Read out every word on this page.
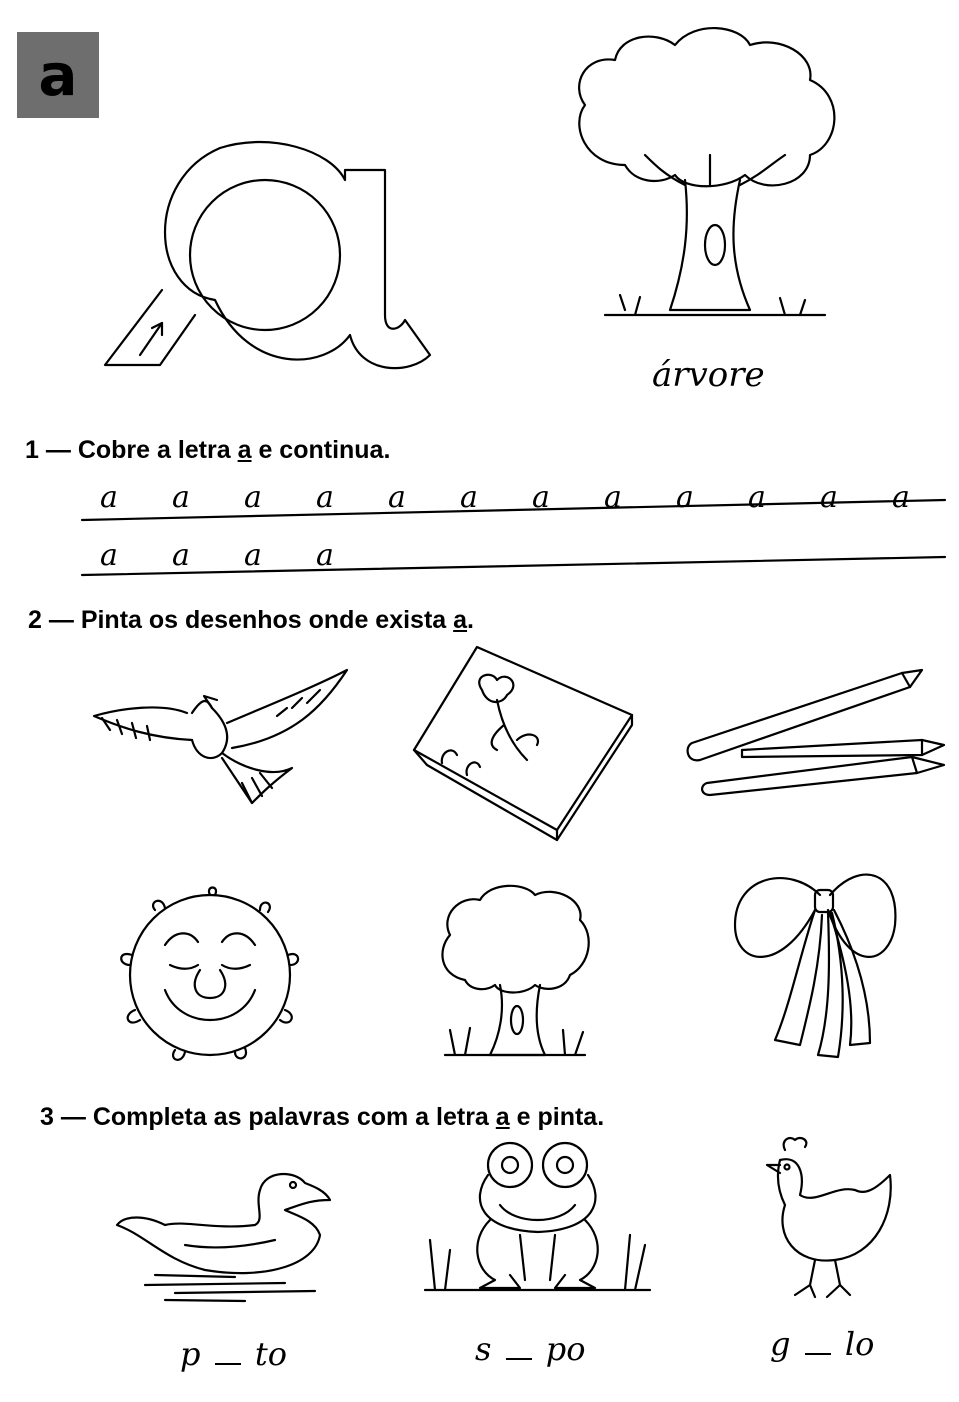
a
árvore
1 — Cobre a letra a e continua.
a	a	a	a	a	a	a	a	a	a	a	a
a	a	a	a
2 — Pinta os desenhos onde exista a.
3 — Completa as palavras com a letra a e pinta.
p to	s po	g lo
